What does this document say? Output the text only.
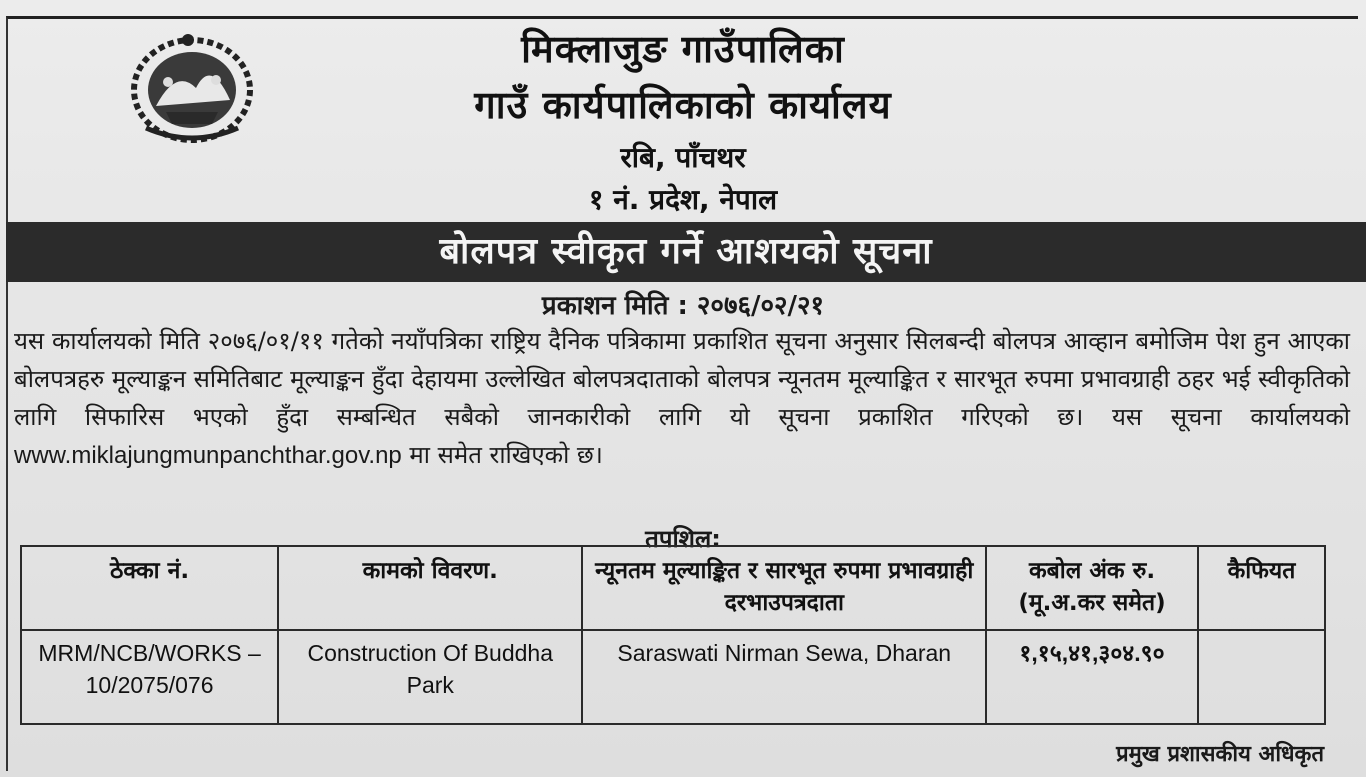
मिक्लाजुङ गाउँपालिका
गाउँ कार्यपालिकाको कार्यालय
रबि, पाँचथर
१ नं. प्रदेश, नेपाल
बोलपत्र स्वीकृत गर्ने आशयको सूचना
प्रकाशन मिति : २०७६/०२/२१
यस कार्यालयको मिति २०७६/०१/११ गतेको नयाँपत्रिका राष्ट्रिय दैनिक पत्रिकामा प्रकाशित सूचना अनुसार सिलबन्दी बोलपत्र आव्हान बमोजिम पेश हुन आएका बोलपत्रहरु मूल्याङ्कन समितिबाट मूल्याङ्कन हुँदा देहायमा उल्लेखित बोलपत्रदाताको बोलपत्र न्यूनतम मूल्याङ्कित र सारभूत रुपमा प्रभावग्राही ठहर भई स्वीकृतिको लागि सिफारिस भएको हुँदा सम्बन्धित सबैको जानकारीको लागि यो सूचना प्रकाशित गरिएको छ। यस सूचना कार्यालयको www.miklajungmunpanchthar.gov.np मा समेत राखिएको छ।
तपशिल:
ठेक्का नं.	कामको विवरण.	न्यूनतम मूल्याङ्कित र सारभूत रुपमा प्रभावग्राही दरभाउपत्रदाता	कबोल अंक रु. (मू.अ.कर समेत)	कैफियत
MRM/NCB/WORKS – 10/2075/076	Construction Of Buddha Park	Saraswati Nirman Sewa, Dharan	१,१५,४१,३०४.९०	
प्रमुख प्रशासकीय अधिकृत
